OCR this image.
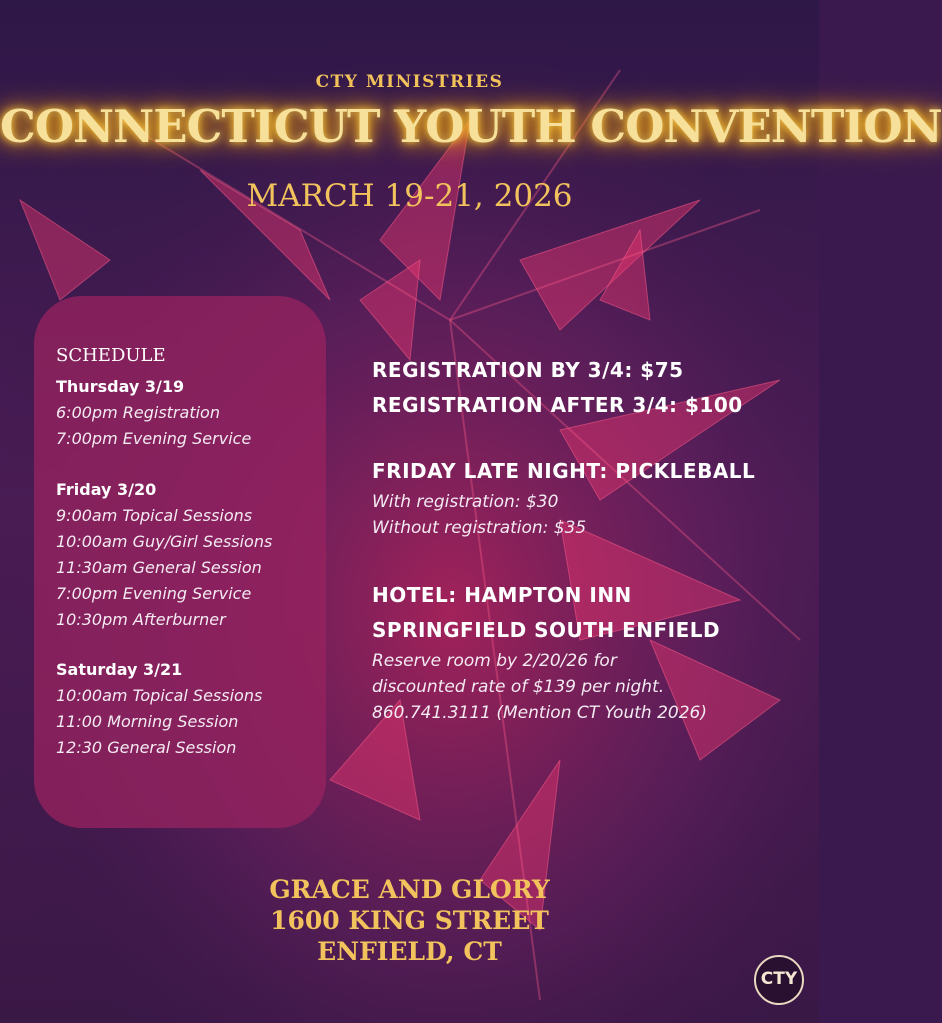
CTY MINISTRIES
CONNECTICUT YOUTH CONVENTION
MARCH 19-21, 2026
SCHEDULE
Thursday 3/19
6:00pm Registration
7:00pm Evening Service
Friday 3/20
9:00am Topical Sessions
10:00am Guy/Girl Sessions
11:30am General Session
7:00pm Evening Service
10:30pm Afterburner
Saturday 3/21
10:00am Topical Sessions
11:00 Morning Session
12:30 General Session
REGISTRATION BY 3/4: $75
REGISTRATION AFTER 3/4: $100
FRIDAY LATE NIGHT: PICKLEBALL
With registration: $30
Without registration: $35
HOTEL: HAMPTON INN
SPRINGFIELD SOUTH ENFIELD
Reserve room by 2/20/26 for
discounted rate of $139 per night.
860.741.3111 (Mention CT Youth 2026)
GRACE AND GLORY
1600 KING STREET
ENFIELD, CT
CTY
